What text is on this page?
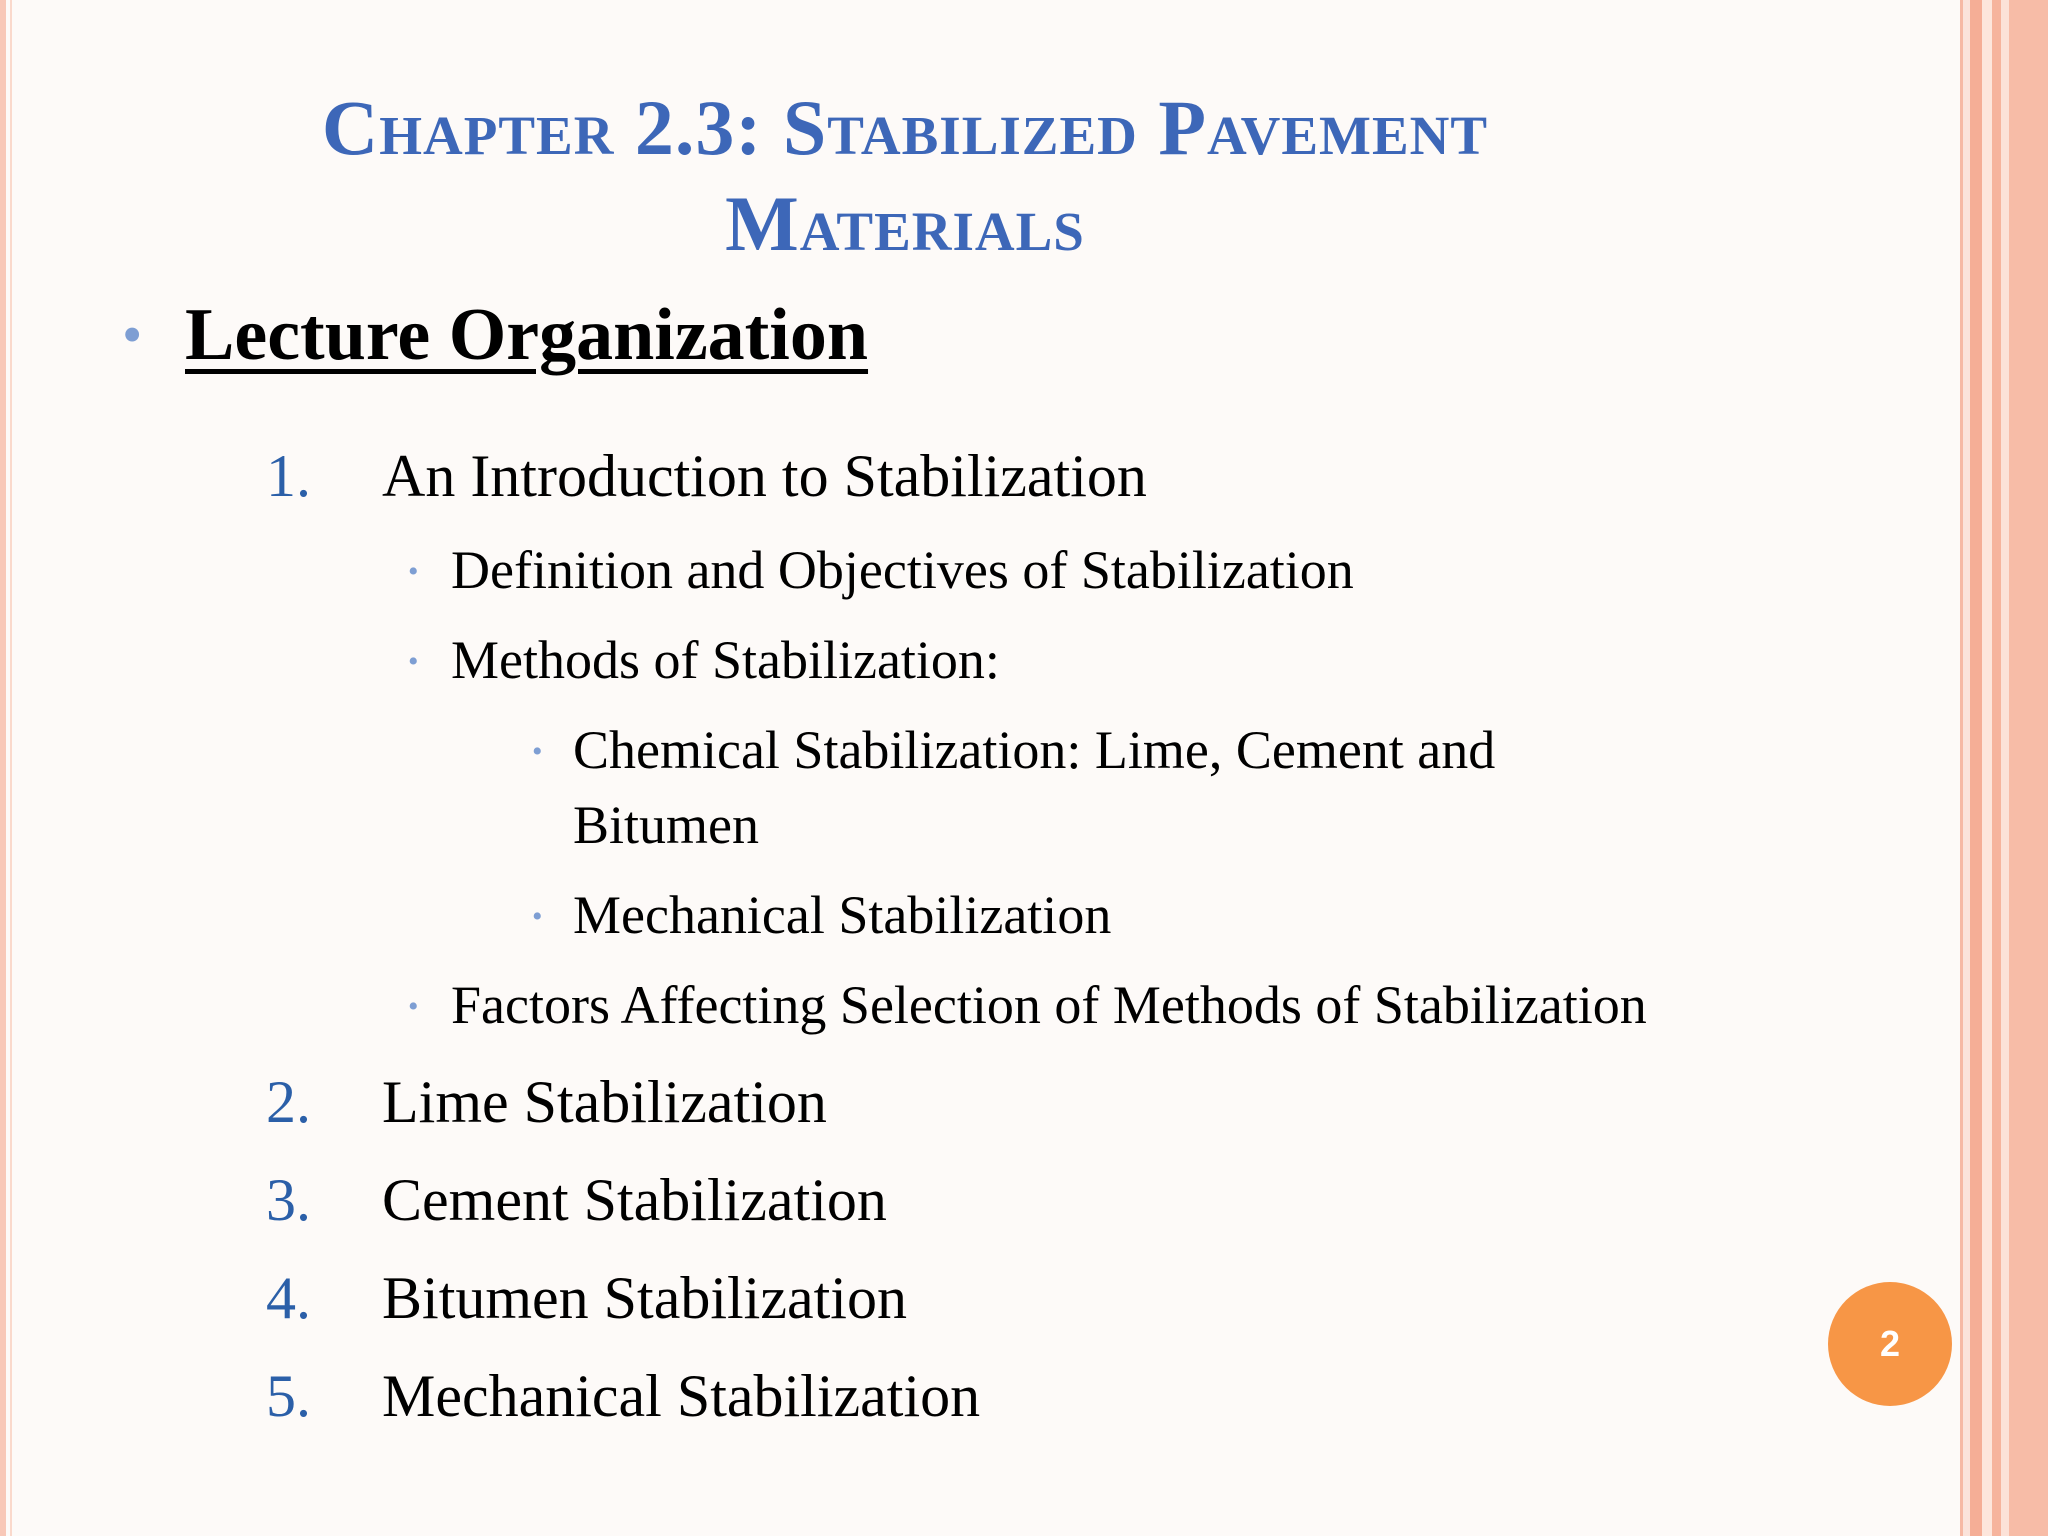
Chapter 2.3: Stabilized Pavement Materials
• Lecture Organization
1. An Introduction to Stabilization
• Definition and Objectives of Stabilization
• Methods of Stabilization:
• Chemical Stabilization: Lime, Cement and
Bitumen
• Mechanical Stabilization
• Factors Affecting Selection of Methods of Stabilization
2. Lime Stabilization
3. Cement Stabilization
4. Bitumen Stabilization
5. Mechanical Stabilization
2
